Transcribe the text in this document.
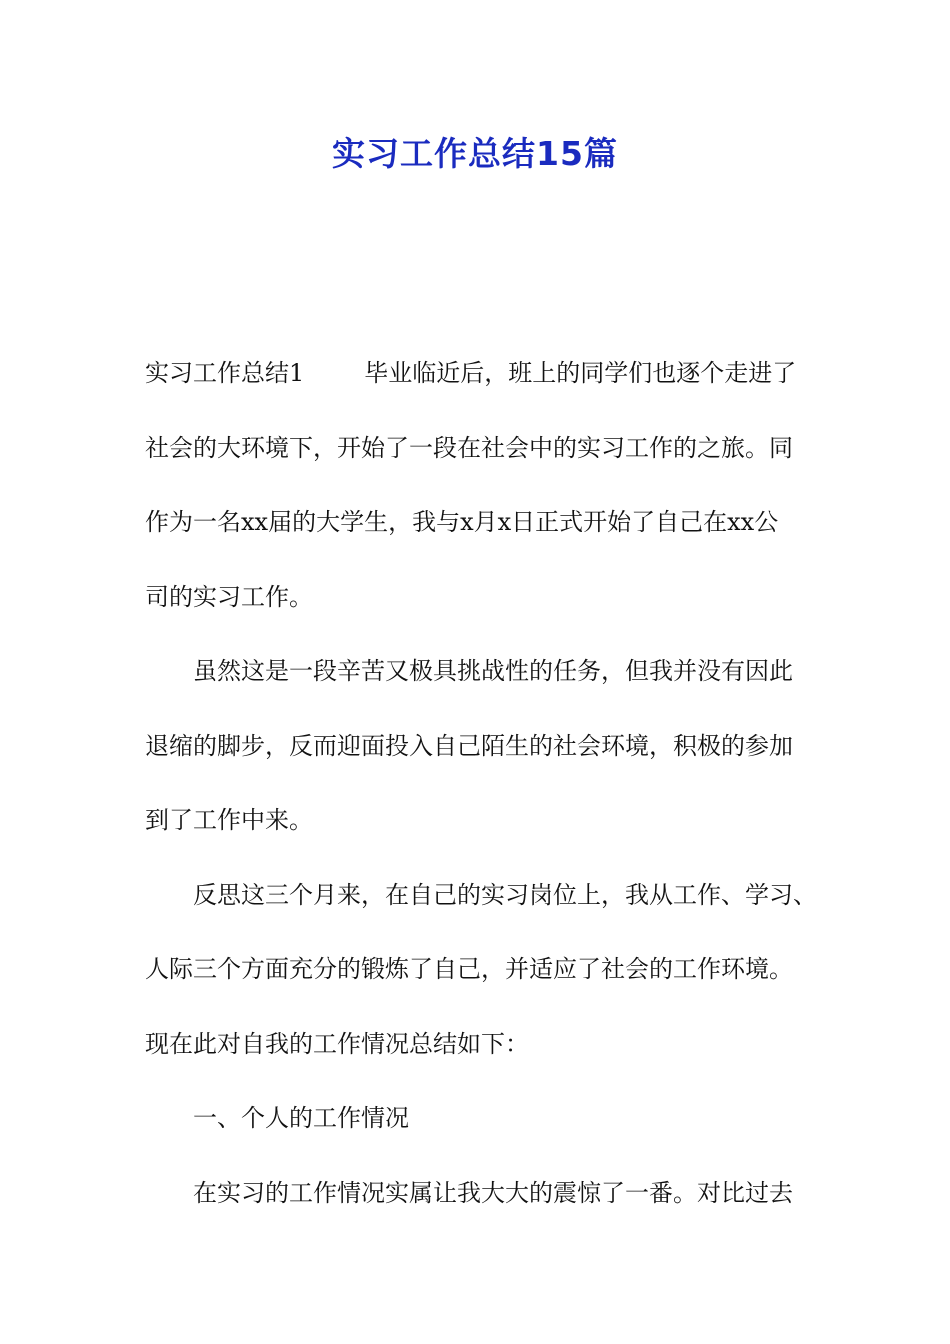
实习工作总结15篇
实习工作总结1	毕业临近后，班上的同学们也逐个走进了
社会的大环境下，开始了一段在社会中的实习工作的之旅。同
作为一名xx届的大学生，我与x月x日正式开始了自己在xx公
司的实习工作。
虽然这是一段辛苦又极具挑战性的任务，但我并没有因此
退缩的脚步，反而迎面投入自己陌生的社会环境，积极的参加
到了工作中来。
反思这三个月来，在自己的实习岗位上，我从工作、学习、
人际三个方面充分的锻炼了自己，并适应了社会的工作环境。
现在此对自我的工作情况总结如下：
一、个人的工作情况
在实习的工作情况实属让我大大的震惊了一番。对比过去
